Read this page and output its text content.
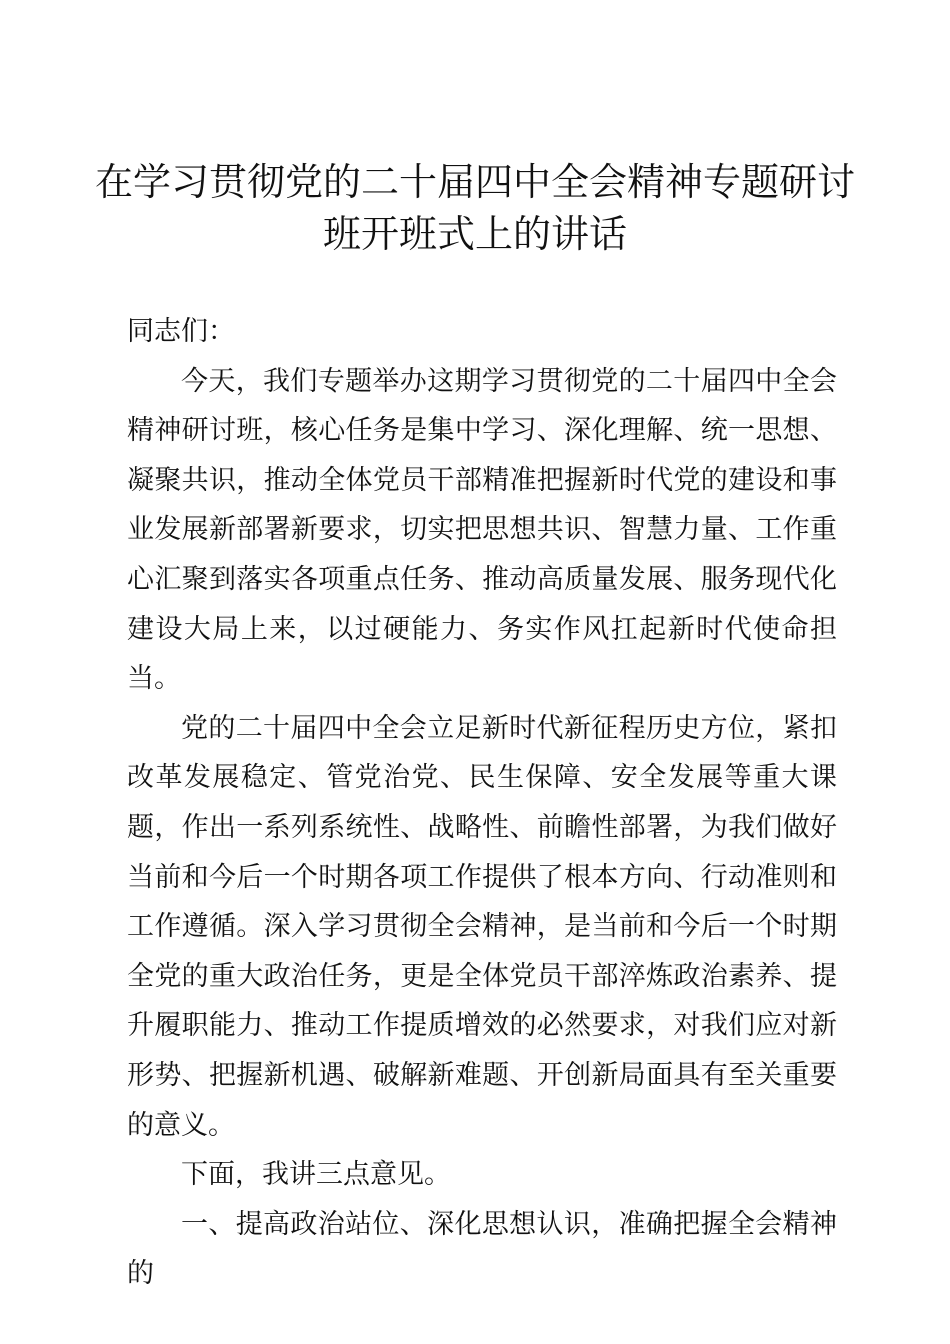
在学习贯彻党的二十届四中全会精神专题研讨
班开班式上的讲话

同志们：

今天，我们专题举办这期学习贯彻党的二十届四中全会精神研讨班，核心任务是集中学习、深化理解、统一思想、凝聚共识，推动全体党员干部精准把握新时代党的建设和事业发展新部署新要求，切实把思想共识、智慧力量、工作重心汇聚到落实各项重点任务、推动高质量发展、服务现代化建设大局上来，以过硬能力、务实作风扛起新时代使命担当。

党的二十届四中全会立足新时代新征程历史方位，紧扣改革发展稳定、管党治党、民生保障、安全发展等重大课题，作出一系列系统性、战略性、前瞻性部署，为我们做好当前和今后一个时期各项工作提供了根本方向、行动准则和工作遵循。深入学习贯彻全会精神，是当前和今后一个时期全党的重大政治任务，更是全体党员干部淬炼政治素养、提升履职能力、推动工作提质增效的必然要求，对我们应对新形势、把握新机遇、破解新难题、开创新局面具有至关重要的意义。

下面，我讲三点意见。

一、提高政治站位、深化思想认识，准确把握全会精神的
